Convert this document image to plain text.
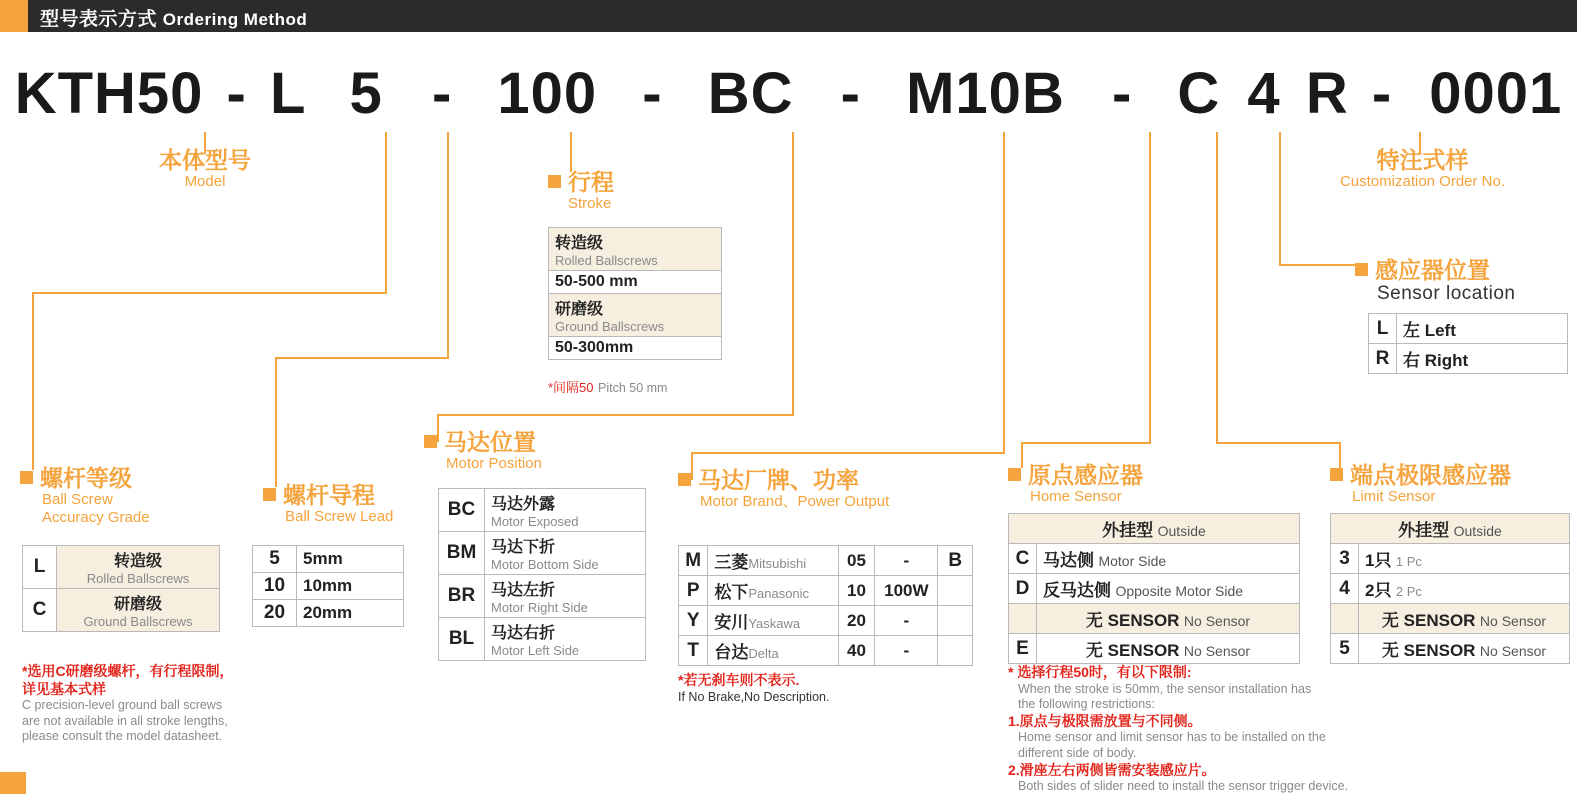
型号表示方式 Ordering Method
KTH50 - L 5 - 100 - BC - M10B - C 4 R - 0001
本体型号
Model	行程
Stroke
转造级
Rolled Ballscrews

50-500 mm

研磨级
Ground Ballscrews

50-300mm
*间隔50 Pitch 50 mm
特注式样
Customization Order No.
感应器位置
Sensor location
L	左 Left
R	右 Right
螺杆等级
Ball Screw
Accuracy Grade
L	转造级
Rolled Ballscrews

C	研磨级
Ground Ballscrews
*选用C研磨级螺杆，有行程限制，
详见基本式样
C precision-level ground ball screws
are not available in all stroke lengths,
please consult the model datasheet.
螺杆导程
Ball Screw Lead
5	5mm
10	10mm
20	20mm
马达位置
Motor Position
BC	马达外露
Motor Exposed

BM	马达下折
Motor Bottom Side

BR	马达左折
Motor Right Side

BL	马达右折
Motor Left Side
马达厂牌、功率
Motor Brand、Power Output
M	三菱Mitsubishi	05	-	B
P	松下Panasonic	10	100W	
Y	安川Yaskawa	20	-	
T	台达Delta	40	-	
*若无刹车则不表示.
If No Brake,No Description.
原点感应器
Home Sensor
外挂型 Outside	
C	马达侧 Motor Side
D	反马达侧 Opposite Motor Side
	无 SENSOR No Sensor
E	无 SENSOR No Sensor
* 选择行程50时，有以下限制:
When the stroke is 50mm, the sensor installation has
the following restrictions:
1.原点与极限需放置与不同侧。
Home sensor and limit sensor has to be installed on the
different side of body.
2.滑座左右两侧皆需安装感应片。
Both sides of slider need to install the sensor trigger device.
端点极限感应器
Limit Sensor
外挂型 Outside	
3	1只 1 Pc
4	2只 2 Pc
	无 SENSOR No Sensor
5	无 SENSOR No Sensor
